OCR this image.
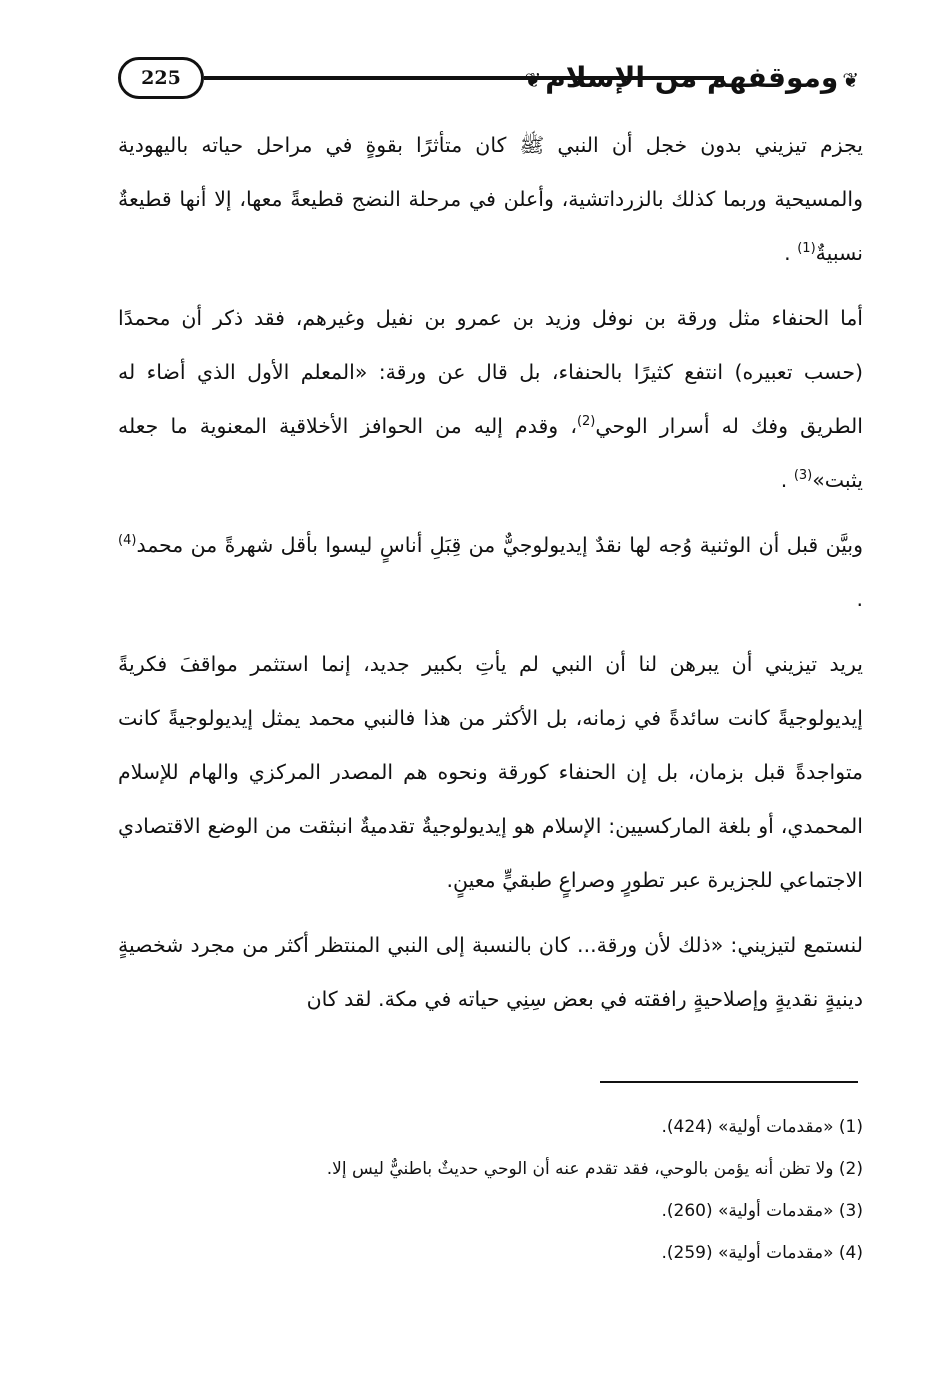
225	❦وموقفهم من الإسلام❦

يجزم تيزيني بدون خجل أن النبي ﷺ كان متأثرًا بقوةٍ في مراحل حياته باليهودية والمسيحية وربما كذلك بالزرداتشية، وأعلن في مرحلة النضج قطيعةً معها، إلا أنها قطيعةٌ نسبيةٌ$^{(1)}$ .

أما الحنفاء مثل ورقة بن نوفل وزيد بن عمرو بن نفيل وغيرهم، فقد ذكر أن محمدًا (حسب تعبيره) انتفع كثيرًا بالحنفاء، بل قال عن ورقة: «المعلم الأول الذي أضاء له الطريق وفك له أسرار الوحي$^{(2)}$، وقدم إليه من الحوافز الأخلاقية المعنوية ما جعله يثبت»$^{(3)}$ .

وبيَّن قبل أن الوثنية وُجه لها نقدٌ إيديولوجيٌّ من قِبَلِ أناسٍ ليسوا بأقل شهرةً من محمد$^{(4)}$ .

يريد تيزيني أن يبرهن لنا أن النبي لم يأتِ بكبير جديد، إنما استثمر مواقفَ فكريةً إيديولوجيةً كانت سائدةً في زمانه، بل الأكثر من هذا فالنبي محمد يمثل إيديولوجيةً كانت متواجدةً قبل بزمان، بل إن الحنفاء كورقة ونحوه هم المصدر المركزي والهام للإسلام المحمدي، أو بلغة الماركسيين: الإسلام هو إيديولوجيةٌ تقدميةٌ انبثقت من الوضع الاقتصادي الاجتماعي للجزيرة عبر تطورٍ وصراعٍ طبقيٍّ معينٍ.

لنستمع لتيزيني: «ذلك لأن ورقة... كان بالنسبة إلى النبي المنتظر أكثر من مجرد شخصيةٍ دينيةٍ نقديةٍ وإصلاحيةٍ رافقته في بعض سِنِي حياته في مكة. لقد كان

(1) «مقدمات أولية» (424).
(2) ولا تظن أنه يؤمن بالوحي، فقد تقدم عنه أن الوحي حديثٌ باطنيٌّ ليس إلا.
(3) «مقدمات أولية» (260).
(4) «مقدمات أولية» (259).
